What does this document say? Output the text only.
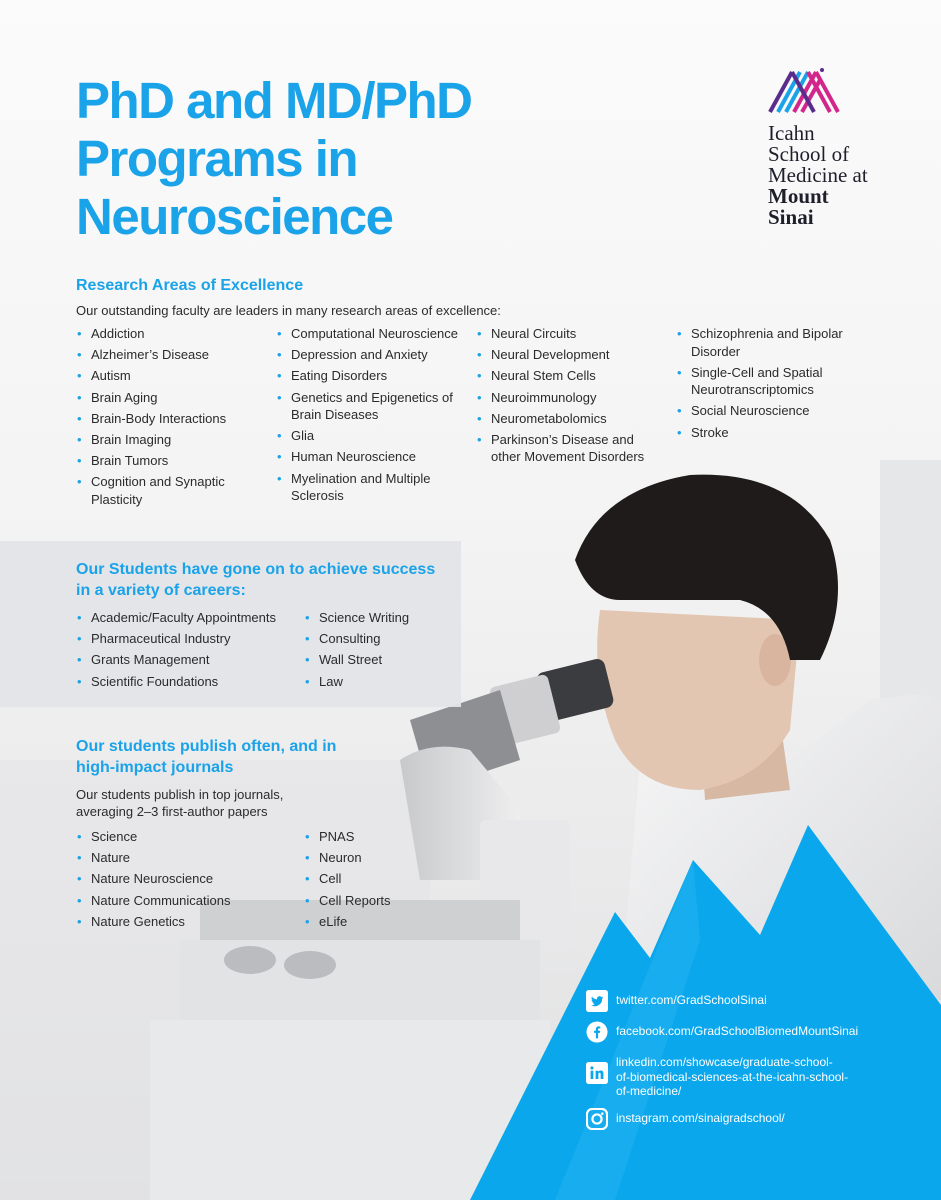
PhD and MD/PhD
Programs in
Neuroscience
Icahn
School of
Medicine at
Mount
Sinai
Research Areas of Excellence

Our outstanding faculty are leaders in many research areas of excellence:

• Addiction
• Alzheimer’s Disease
• Autism
• Brain Aging
• Brain-Body Interactions
• Brain Imaging
• Brain Tumors
• Cognition and Synaptic Plasticity
• Computational Neuroscience
• Depression and Anxiety
• Eating Disorders
• Genetics and Epigenetics of Brain Diseases
• Glia
• Human Neuroscience
• Myelination and Multiple Sclerosis
• Neural Circuits
• Neural Development
• Neural Stem Cells
• Neuroimmunology
• Neurometabolomics
• Parkinson’s Disease and other Movement Disorders
• Schizophrenia and Bipolar Disorder
• Single-Cell and Spatial Neurotranscriptomics
• Social Neuroscience
• Stroke
Our Students have gone on to achieve success
in a variety of careers:
• Academic/Faculty Appointments
• Pharmaceutical Industry
• Grants Management
• Scientific Foundations
• Science Writing
• Consulting
• Wall Street
• Law
Our students publish often, and in
high-impact journals

Our students publish in top journals,
averaging 2–3 first-author papers

• Science
• Nature
• Nature Neuroscience
• Nature Communications
• Nature Genetics
• PNAS
• Neuron
• Cell
• Cell Reports
• eLife
twitter.com/GradSchoolSinai
facebook.com/GradSchoolBiomedMountSinai
linkedin.com/showcase/graduate-school-
of-biomedical-sciences-at-the-icahn-school-
of-medicine/
instagram.com/sinaigradschool/
